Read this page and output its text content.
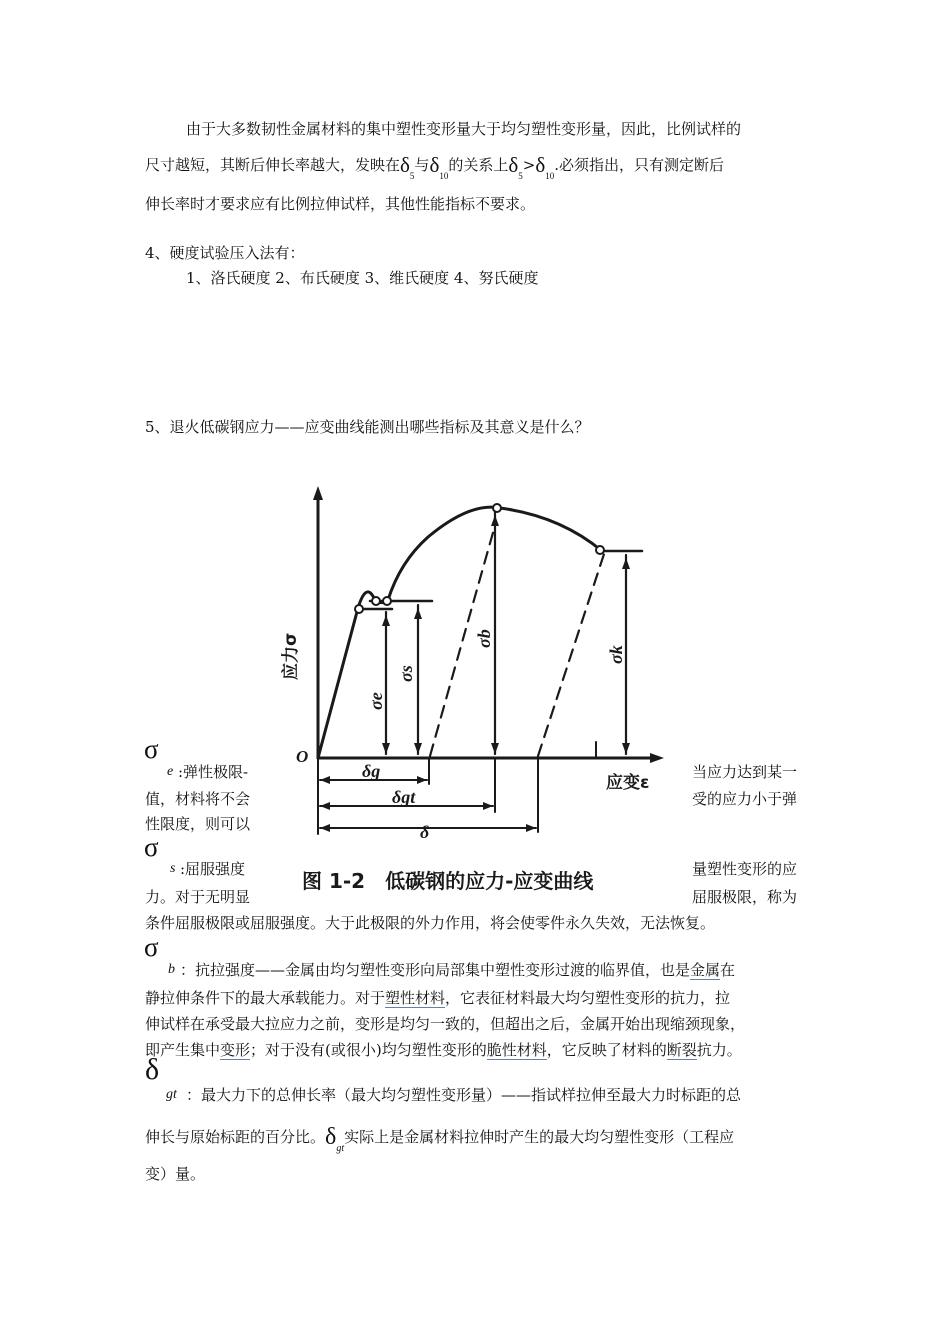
由于大多数韧性金属材料的集中塑性变形量大于均匀塑性变形量，因此，比例试样的
尺寸越短，其断后伸长率越大，发映在$\delta_5$与$\delta_{10}$的关系上$\delta_5>\delta_{10}$.必须指出，只有测定断后
伸长率时才要求应有比例拉伸试样，其他性能指标不要求。
4、硬度试验压入法有：
1、洛氏硬度 2、布氏硬度 3、维氏硬度 4、努氏硬度
5、退火低碳钢应力——应变曲线能测出哪些指标及其意义是什么？
σ
e :弹性极限-	当应力达到某一
值，材料将不会	受的应力小于弹
性限度，则可以
σ
s :屈服强度	量塑性变形的应
力。对于无明显	屈服极限，称为
条件屈服极限或屈服强度。大于此极限的外力作用，将会使零件永久失效，无法恢复。
σ
b ：抗拉强度——金属由均匀塑性变形向局部集中塑性变形过渡的临界值，也是金属在
静拉伸条件下的最大承载能力。对于塑性材料，它表征材料最大均匀塑性变形的抗力，拉
伸试样在承受最大拉应力之前，变形是均匀一致的，但超出之后，金属开始出现缩颈现象，
即产生集中变形；对于没有(或很小)均匀塑性变形的脆性材料，它反映了材料的断裂抗力。
δ
gt ：最大力下的总伸长率（最大均匀塑性变形量）——指试样拉伸至最大力时标距的总
伸长与原始标距的百分比。$\delta_{gt}$实际上是金属材料拉伸时产生的最大均匀塑性变形（工程应
变）量。
O
应力σ
应变ε
σe
σs
σb
σk
δg
δgt
δ
图 1-2　低碳钢的应力-应变曲线
